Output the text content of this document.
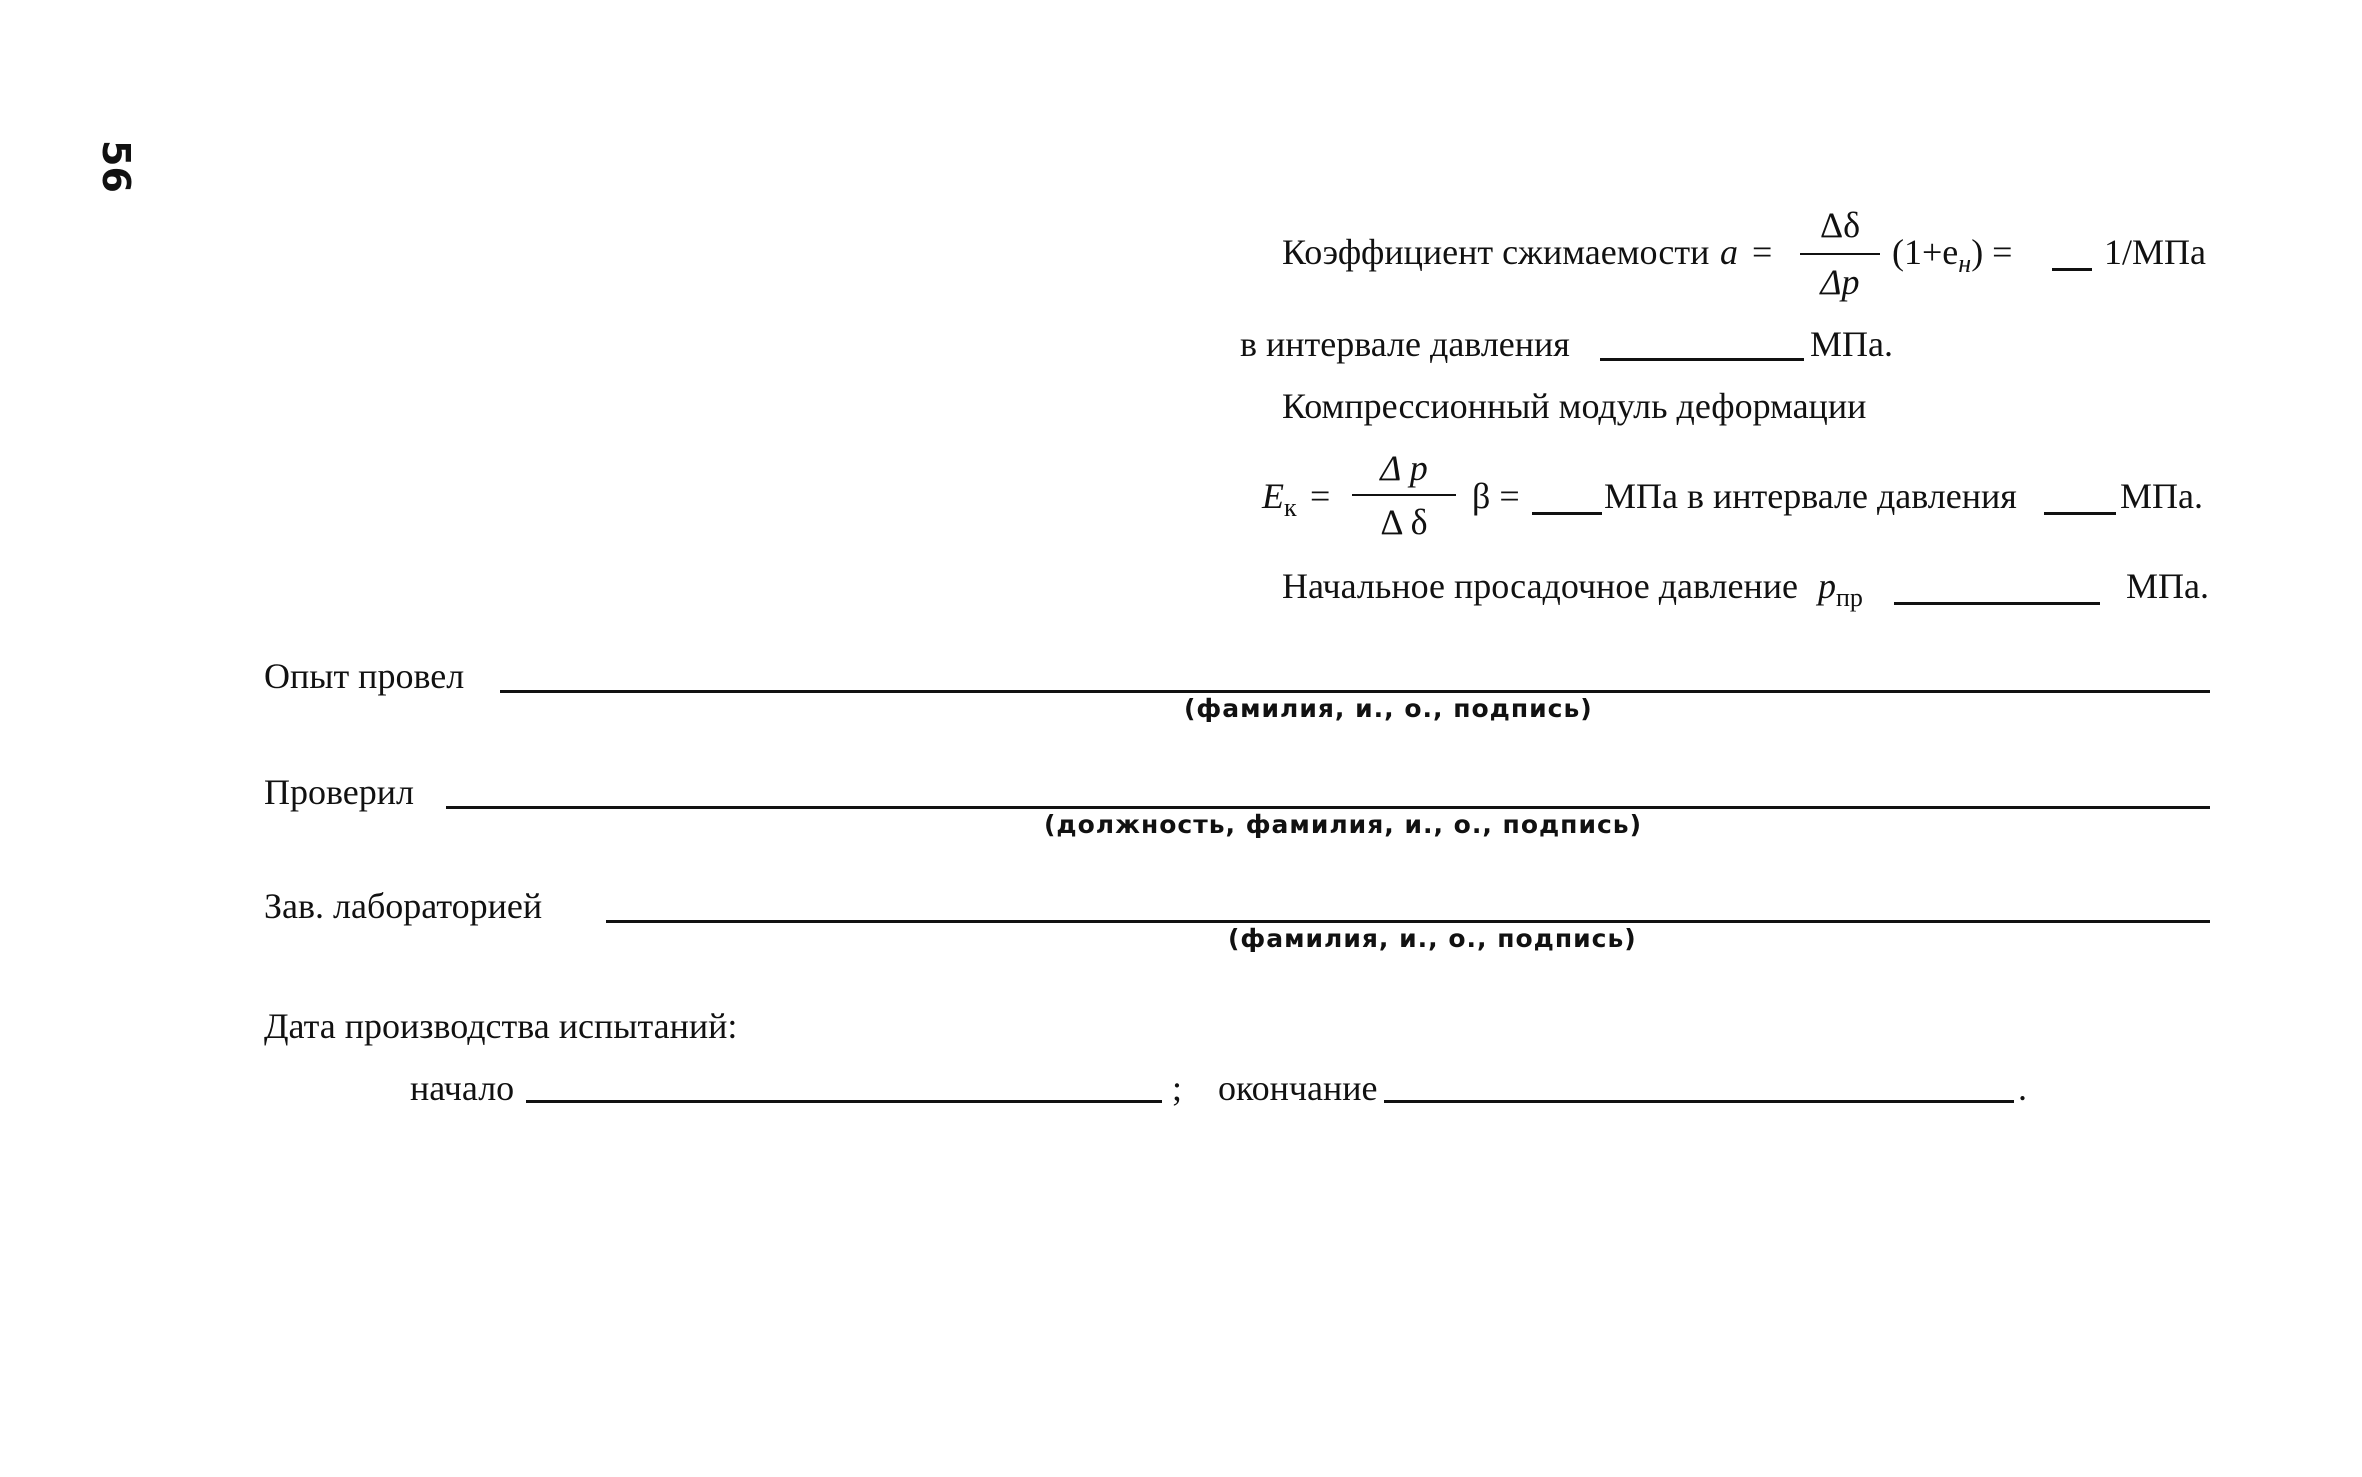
56
Коэффициент сжимаемости a =
Δδ
Δp
$(1+e_н)$ =	1/МПа
в интервале давления	МПа.
Компрессионный модуль деформации
$E_к$ =
Δ p
Δ δ
β = МПа в интервале давления	МПа.
Начальное просадочное давление $p_{пр}$	МПа.
Опыт провел
(фамилия, и., о., подпись)
Проверил
(должность, фамилия, и., о., подпись)
Зав. лабораторией
(фамилия, и., о., подпись)
Дата производства испытаний:
начало	; окончание	.
